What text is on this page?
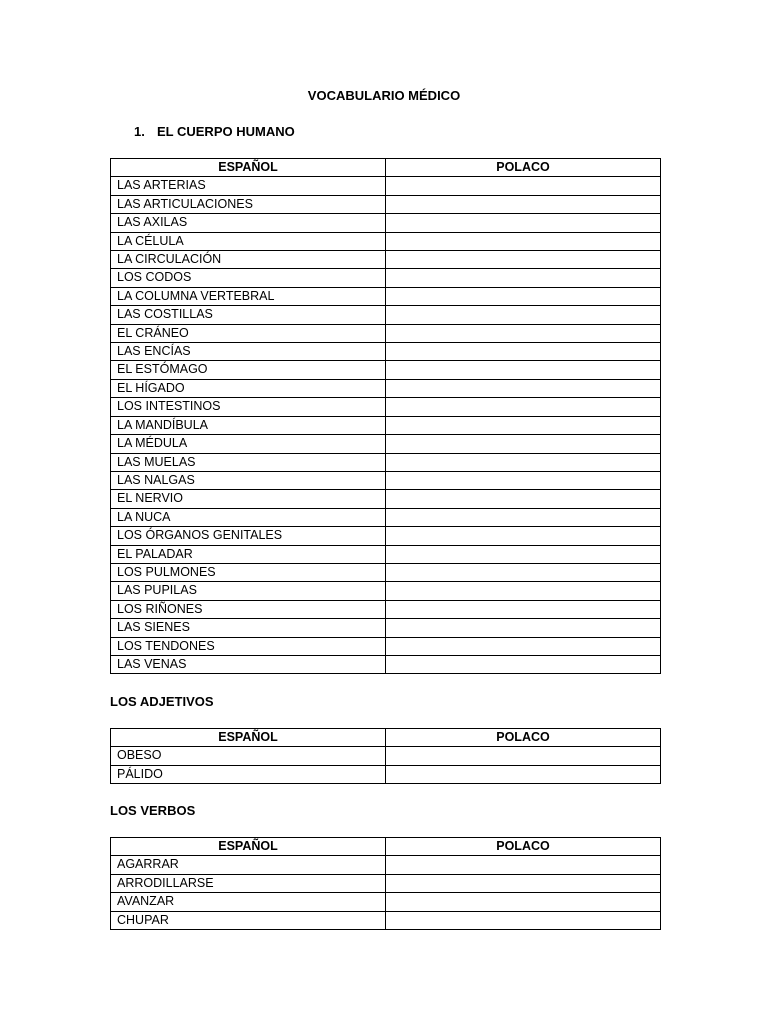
VOCABULARIO MÉDICO
1. EL CUERPO HUMANO
ESPAÑOL	POLACO
LAS ARTERIAS	
LAS ARTICULACIONES	
LAS AXILAS	
LA CÉLULA	
LA CIRCULACIÓN	
LOS CODOS	
LA COLUMNA VERTEBRAL	
LAS COSTILLAS	
EL CRÁNEO	
LAS ENCÍAS	
EL ESTÓMAGO	
EL HÍGADO	
LOS INTESTINOS	
LA MANDÍBULA	
LA MÉDULA	
LAS MUELAS	
LAS NALGAS	
EL NERVIO	
LA NUCA	
LOS ÓRGANOS GENITALES	
EL PALADAR	
LOS PULMONES	
LAS PUPILAS	
LOS RIÑONES	
LAS SIENES	
LOS TENDONES	
LAS VENAS	
LOS ADJETIVOS
ESPAÑOL	POLACO
OBESO	
PÁLIDO	
LOS VERBOS
ESPAÑOL	POLACO
AGARRAR	
ARRODILLARSE	
AVANZAR	
CHUPAR	
